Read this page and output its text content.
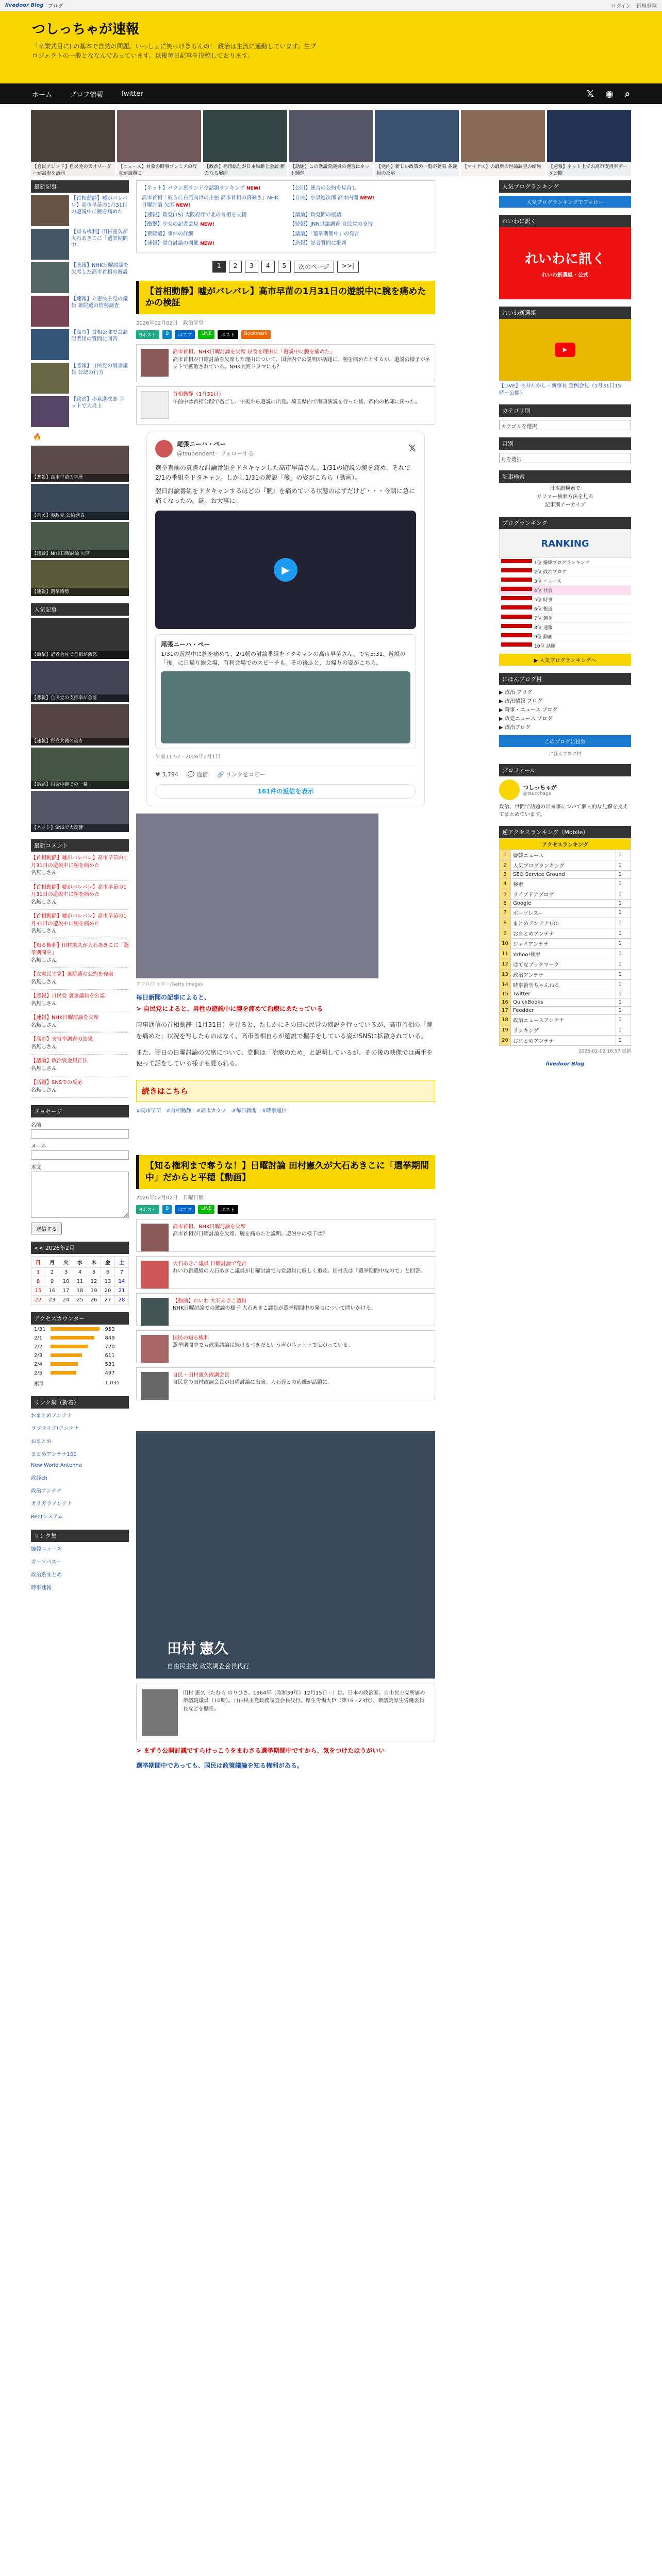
livedoor Blog ブログ	ログイン 新規登録
つしっちゃが速報

「卒業式目に) の基本で自然の問題。いっしょに笑っけきるんの！ 政治は主流に通勤しています。生プロジェクトの一般とななんであっています。以後毎日記事を投稿しております。

ホーム	プロフ情報	Twitter	𝕏 ◉ ⌕
【自民アジフド】自民党の天才リーダーが高市を訪問
【ニュース】対象の時事プレミアの写真が話題に
【政治】高市総理が日本維新と会談 新たなる展開
【話題】この衆議院議員の発言にネット騒然
【党内】新しい政策の一覧が発表 各議員の反応
【マイナス】の最新の世論調査の結果	【速報】ネット上での高市支持率データ公開
最新記事
【首相動静】嘘がバレバレ】高市早苗の1月31日の遊説中に腕を痛めた
【知る権利】田村憲久が大石あきこに「選挙期間中」
【悲報】NHK日曜討論を欠席した高市首相の遊説
【速報】立憲民主党の議員 衆院選の情勢調査
【高市】首相公邸で会談 記者団の質問に回答
【悲報】自民党の裏金議員 公認の行方
【政治】小泉進次郎 ネットで大炎上
🔥
【悲報】高市早苗の学歴
【自民】参政党 公約発表
【議論】NHK日曜討論 欠席
【速報】選挙情勢
人気記事
【衝撃】記者会見で首相が激怒
【悲報】自民党の支持率が急落
【速報】野党共闘の動き
【話題】国会中継での一幕
【ネット】SNSで大反響
最新コメント
【首相動静】嘘がバレバレ】高市早苗の1月31日の遊説中に腕を痛めた
名無しさん
【首相動静】嘘がバレバレ】高市早苗の1月31日の遊説中に腕を痛めた
名無しさん
【首相動静】嘘がバレバレ】高市早苗の1月31日の遊説中に腕を痛めた
名無しさん
【知る権利】田村憲久が大石あきこに「選挙期間中」
名無しさん
【立憲民主党】衆院選の公約を発表
名無しさん
【悲報】自民党 裏金議員を公認
名無しさん
【速報】NHK日曜討論を欠席
名無しさん
【高市】支持率調査の結果
名無しさん
【議論】政治資金規正法
名無しさん
【話題】SNSでの反応
名無しさん
メッセージ
名前
メール
本文
送信する
<< 2026年2月
日	月	火	水	木	金	土
1	2	3	4	5	6	7
8	9	10	11	12	13	14
15	16	17	18	19	20	21
22	23	24	25	26	27	28
アクセスカウンター
1/31		952
2/1		849
2/2		720
2/3		611
2/4		531
2/5		497
累計		1,035
リンク集（新着）
おまとめアンテナ
ラブライブ!アンテナ
おまとめ
まとめアンテナ100
New World Antenna
政経ch
政治アンテナ
ガラガラアンテナ
Rentシステム
リンク集
嫌韓ニュース
ガーソバスー
政治系まとめ
時事速報
【ネット】パラン恵ランド令話題ランキング NEW!	【公明】連合の公約を見直し
高市首相「奴らに右派向けの主張 高市首相の真剣さ」NHK日曜討論 欠席 NEW!
【自民】小泉進次郎 高市内閣 NEW!
【速報】政党(TS) 大阪府庁で北の首相を支援	【議論】政党間の協議
【衝撃】少女の記者会見 NEW!	【続報】JNN世論調査 自民党の支持
【衆院選】事件の詳細	【議論】「選挙期間中」の発言
【速報】党首討論の開催 NEW!	【悲報】記者質問に批判
1	2	3	4	5	次のページ	>>|
【首相動静】嘘がバレバレ】高市早苗の1月31日の遊説中に腕を痛めたかの検証
2026年02月02日　政治学堂
Bポスト	B	はてブ	LINE	ポスト	Bookmark
高市首相、NHK日曜討論を欠席 昼食を理由に「遊説中に腕を痛めた」
高市首相が日曜討論を欠席した理由について、国会内での説明が話題に。腕を痛めたとするが、遊説の様子がネットで拡散されている。NHK大河ドラマにも？
首相動静（1月31日）
午前中は首相公邸で過ごし、午後から遊説に出発。埼玉県内で街頭演説を行った後、都内の私邸に戻った。
尾張ニーハ・ペー
@tsubendent · フォローする	𝕏
選挙直前の真書な討論番組をドタキャンした高市早苗さん。1/31の遊説の腕を痛め、それで2/1の番組をドタキャン。しかし1/31の遊説「後」の姿がこちら（動画）。
翌日討論番組をドタキャンするほどの『腕』を痛めている状態のはずだけど・・・今朝に急に痛くなったの。謎。お大事に。
▶
尾張ニーハ・ペー
1/31の遊説中に腕を痛めて、2/1朝の討論番組をドタキャンの高市早苗さん。でも5:31、遊説の「後」に日帰り総会場、有利会場でのスピーチも。その後ふと、お帰りの姿がこちら。
午前11:57 · 2026年2月1日
♥ 3,794 💬 返信 🔗 リンクをコピー
161件の返信を表示
アフロ/ロイター/Getty Images

毎日新聞の記事によると、
> 自民党によると、男性の遊説中に腕を痛めて治療にあたっている

時事通信の首相動静（1月31日）を見ると、たしかにその日に民営の演説を行っているが、高市首相の「腕を痛めた」状況を写したものはなく、高市首相自らが遊説で握手をしている姿がSNSに拡散されている。

また、翌日の日曜討論の欠席について、党側は「治療のため」と説明しているが、その後の映像では両手を使って話をしている様子も見られる。

続きはこちら
#高市早苗 #首相動静 #高市カクソ #毎日新聞 #時事通信
【知る権利まで奪うな！】日曜討論 田村憲久が大石あきこに「選挙期間中」だからと平穏【動画】
2026年02月02日　日曜日版
Bポスト	B	はてブ	LINE	ポスト
高市首相、NHK日曜討論を欠席
高市首相が日曜討論を欠席、腕を痛めたと説明。遊説中の様子は？
大石あきこ議員 日曜討論で発言
れいわ新選組の大石あきこ議員が日曜討論で与党議員に厳しく追及。田村氏は「選挙期間中なので」と回答。
【動画】れいわ 大石あきこ議員
NHK日曜討論での激論の様子 大石あきこ議員が選挙期間中の発言について問いかける。
国民の知る権利
選挙期間中でも政策議論は続けるべきだという声がネット上で広がっている。
自民・田村憲久政調会長
自民党の田村政調会長が日曜討論に出演。大石氏との応酬が話題に。
田村 憲久
自由民主党 政策調査会長代行
田村 憲久（たむら のりひさ、1964年（昭和39年）12月15日 - ）は、日本の政治家。自由民主党所属の衆議院議員（10期）。自由民主党政務調査会長代行。厚生労働大臣（第16・23代）、衆議院厚生労働委員長などを歴任。

> まずう公開討議ですらけっこうをまわさる選挙期間中ですから、気をつけたはうがいい

選挙期間中であっても、国民は政策議論を知る権利がある。

人気ブログランキング
人気ブログランキングでフォロー
れいわに訳く
れいわに訊く
れいわ新選組・公式
れいわ新選組
▶
【LIVE】長井たかし・新事長 定例会見（1月31日15時〜公開）
カテゴリ別
カテゴリを選択
月別
月を選択
記事検索
日本語検索で
リファー検索方法を見る
記事別アーカイブ
プログランキング
RANKING
1位 嫌韓ブログランキング
2位 政治ブログ
3位 ニュース
4位 社会
5位 時事
6位 報道
7位 選挙
8位 速報
9位 動画
10位 話題
▶ 人気ブログランキングへ
にほんブログ村
▶ 政治 ブログ
▶ 政治情報 ブログ
▶ 時事・ニュース ブログ
▶ 政党ニュース ブログ
▶ 政治ブログ
このブログに投票
にほんブログ村
プロフィール
つしっちゃが
@tsucchaga

政治、世間で話題の出来事について個人的な見解を交えてまとめています。

逆アクセスランキング（Mobile）
アクセスランキング		
1	嫌韓ニュース	1
2	人気ブログランキング	1
3	SEO Service Ground	1
4	検索	1
5	ライブドアブログ	1
6	Google	1
7	ポーソレスー	1
8	まとめアンテナ100	1
9	おまとめアンテナ	1
10	ジャイアンテナ	1
11	Yahoo!検索	1
12	はてなブックマーク	1
13	政治アンテナ	1
14	時事新刊ちゃんねる	1
15	Twitter	1
16	QuickBooks	1
17	Feedder	1
18	政治ニュースアンテナ	1
19	ランキング	1
20	おまとめアンテナ	1
2026-02-02 18:57 更新
livedoor Blog
